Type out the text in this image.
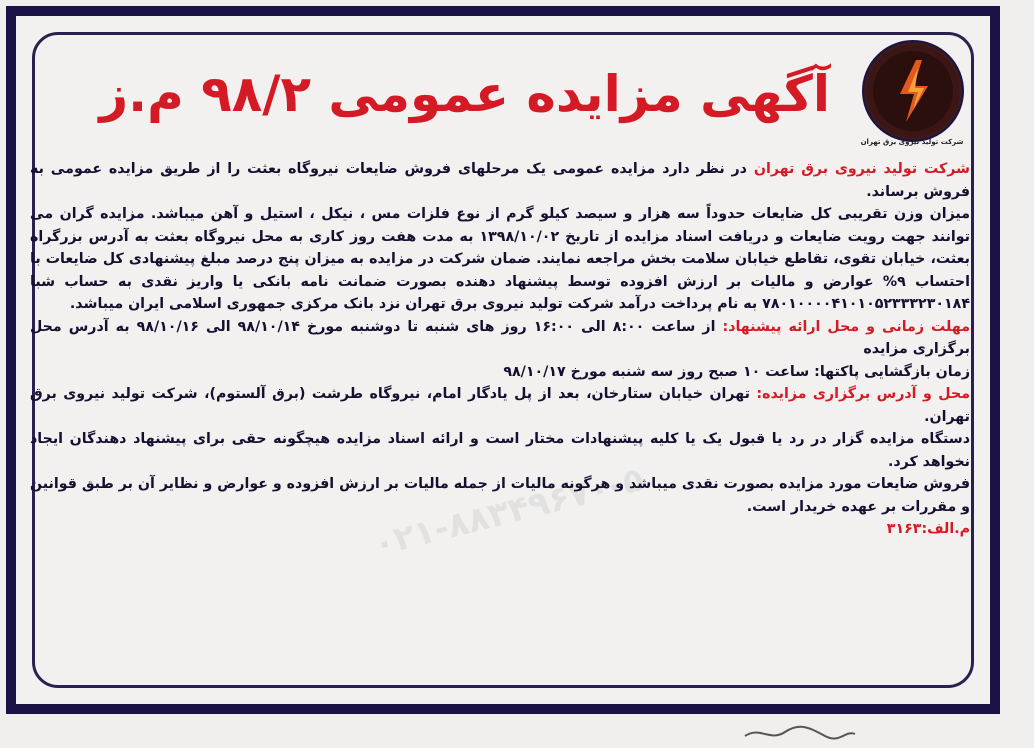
شرکت تولید نیروی برق تهران
آگهی مزایده عمومی ۹۸/۲ م.ز
۰۲۱-۸۸۳۴۹۶۷۰-۵

شرکت تولید نیروی برق تهران در نظر دارد مزایده عمومی یک مرحلهای فروش ضایعات نیروگاه بعثت را از طریق مزایده عمومی به فروش برساند.

میزان وزن تقریبی کل ضایعات حدوداً سه هزار و سیصد کیلو گرم از نوع فلزات مس ، نیکل ، استیل و آهن میباشد. مزایده گران می توانند جهت رویت ضایعات و دریافت اسناد مزایده از تاریخ ۱۳۹۸/۱۰/۰۲ به مدت هفت روز کاری به محل نیروگاه بعثت به آدرس بزرگراه بعثت، خیابان تقوی، تقاطع خیابان سلامت بخش مراجعه نمایند. ضمان شرکت در مزایده به میزان پنج درصد مبلغ پیشنهادی کل ضایعات با احتساب ۹% عوارض و مالیات بر ارزش افزوده توسط پیشنهاد دهنده بصورت ضمانت نامه بانکی یا واریز نقدی به حساب شبا ۷۸۰۱۰۰۰۰۴۱۰۱۰۵۲۳۳۳۲۳۰۱۸۴ به نام پرداخت درآمد شرکت تولید نیروی برق تهران نزد بانک مرکزی جمهوری اسلامی ایران میباشد.

مهلت زمانی و محل ارائه پیشنهاد: از ساعت ۸:۰۰ الی ۱۶:۰۰ روز های شنبه تا دوشنبه مورخ ۹۸/۱۰/۱۴ الی ۹۸/۱۰/۱۶ به آدرس محل برگزاری مزایده

زمان بازگشایی پاکتها: ساعت ۱۰ صبح روز سه شنبه مورخ ۹۸/۱۰/۱۷

محل و آدرس برگزاری مزایده: تهران خیابان ستارخان، بعد از پل یادگار امام، نیروگاه طرشت (برق آلستوم)، شرکت تولید نیروی برق تهران.

دستگاه مزایده گزار در رد یا قبول یک یا کلیه پیشنهادات مختار است و ارائه اسناد مزایده هیچگونه حقی برای پیشنهاد دهندگان ایجاد نخواهد کرد.

فروش ضایعات مورد مزایده بصورت نقدی میباشد و هرگونه مالیات از جمله مالیات بر ارزش افزوده و عوارض و نظایر آن بر طبق قوانین و مقررات بر عهده خریدار است.

م.الف:۳۱۶۳
